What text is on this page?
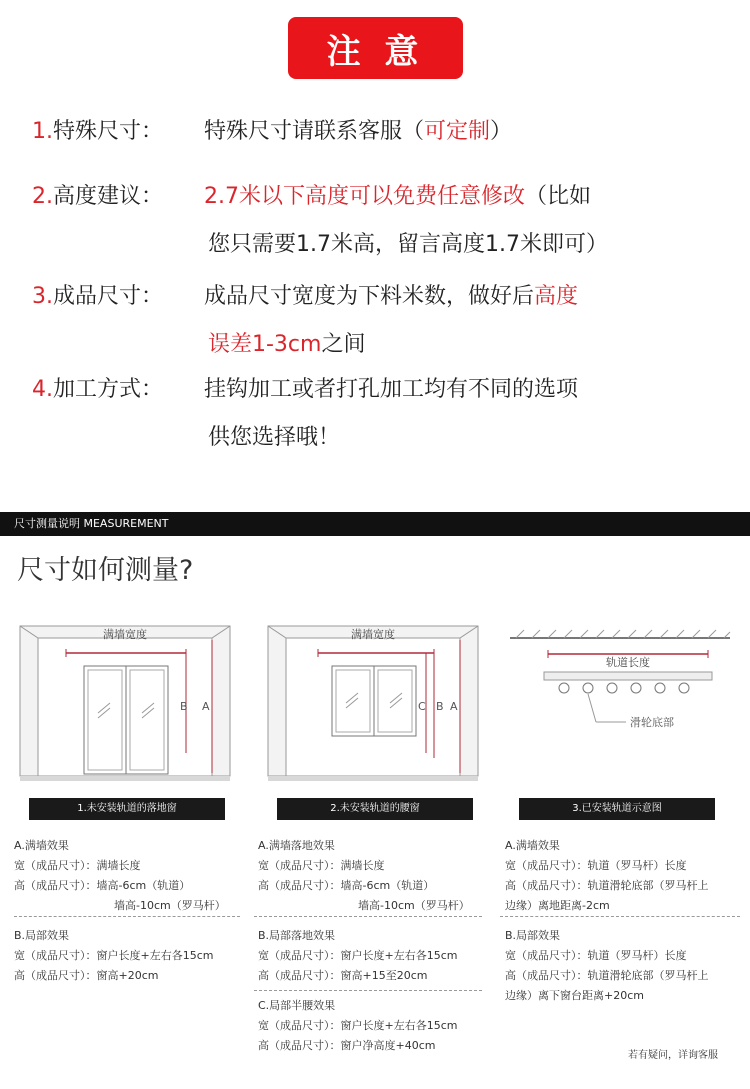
注 意
1.特殊尺寸： 特殊尺寸请联系客服（可定制）
2.高度建议： 2.7米以下高度可以免费任意修改（比如
您只需要1.7米高，留言高度1.7米即可）
3.成品尺寸： 成品尺寸宽度为下料米数，做好后高度
误差1-3cm之间
4.加工方式： 挂钩加工或者打孔加工均有不同的选项
供您选择哦！
尺寸测量说明 MEASUREMENT
尺寸如何测量?
满墙宽度
B A
1.未安装轨道的落地窗
满墙宽度
C B A
2.未安装轨道的腰窗
轨道长度
滑轮底部
3.已安装轨道示意图
A.满墙效果
宽（成品尺寸）：满墙长度
高（成品尺寸）：墙高-6cm（轨道）
墙高-10cm（罗马杆）
B.局部效果
宽（成品尺寸）：窗户长度+左右各15cm
高（成品尺寸）：窗高+20cm
A.满墙落地效果
宽（成品尺寸）：满墙长度
高（成品尺寸）：墙高-6cm（轨道）
墙高-10cm（罗马杆）
B.局部落地效果
宽（成品尺寸）：窗户长度+左右各15cm
高（成品尺寸）：窗高+15至20cm
C.局部半腰效果
宽（成品尺寸）：窗户长度+左右各15cm
高（成品尺寸）：窗户净高度+40cm
A.满墙效果
宽（成品尺寸）：轨道（罗马杆）长度
高（成品尺寸）：轨道滑轮底部（罗马杆上
边缘）离地距离-2cm
B.局部效果
宽（成品尺寸）：轨道（罗马杆）长度
高（成品尺寸）：轨道滑轮底部（罗马杆上
边缘）离下窗台距离+20cm
若有疑问，详询客服
